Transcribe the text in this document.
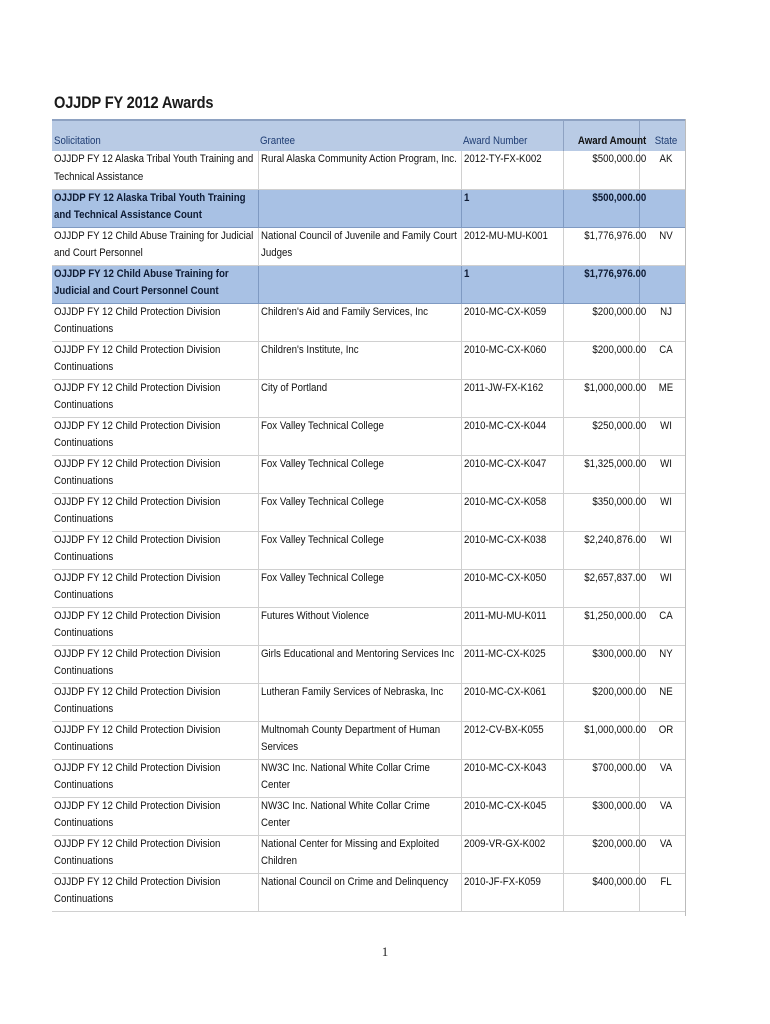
OJJDP FY 2012 Awards
Solicitation	Grantee	Award Number	Award Amount	State
OJJDP FY 12 Alaska Tribal Youth Training and Technical Assistance	Rural Alaska Community Action Program, Inc.	2012-TY-FX-K002	$500,000.00	AK
OJJDP FY 12 Alaska Tribal Youth Training and Technical Assistance Count		1	$500,000.00	
OJJDP FY 12 Child Abuse Training for Judicial and Court Personnel	National Council of Juvenile and Family Court Judges	2012-MU-MU-K001	$1,776,976.00	NV
OJJDP FY 12 Child Abuse Training for Judicial and Court Personnel Count		1	$1,776,976.00	
OJJDP FY 12 Child Protection Division Continuations	Children's Aid and Family Services, Inc	2010-MC-CX-K059	$200,000.00	NJ
OJJDP FY 12 Child Protection Division Continuations	Children's Institute, Inc	2010-MC-CX-K060	$200,000.00	CA
OJJDP FY 12 Child Protection Division Continuations	City of Portland	2011-JW-FX-K162	$1,000,000.00	ME
OJJDP FY 12 Child Protection Division Continuations	Fox Valley Technical College	2010-MC-CX-K044	$250,000.00	WI
OJJDP FY 12 Child Protection Division Continuations	Fox Valley Technical College	2010-MC-CX-K047	$1,325,000.00	WI
OJJDP FY 12 Child Protection Division Continuations	Fox Valley Technical College	2010-MC-CX-K058	$350,000.00	WI
OJJDP FY 12 Child Protection Division Continuations	Fox Valley Technical College	2010-MC-CX-K038	$2,240,876.00	WI
OJJDP FY 12 Child Protection Division Continuations	Fox Valley Technical College	2010-MC-CX-K050	$2,657,837.00	WI
OJJDP FY 12 Child Protection Division Continuations	Futures Without Violence	2011-MU-MU-K011	$1,250,000.00	CA
OJJDP FY 12 Child Protection Division Continuations	Girls Educational and Mentoring Services Inc	2011-MC-CX-K025	$300,000.00	NY
OJJDP FY 12 Child Protection Division Continuations	Lutheran Family Services of Nebraska, Inc	2010-MC-CX-K061	$200,000.00	NE
OJJDP FY 12 Child Protection Division Continuations	Multnomah County Department of Human Services	2012-CV-BX-K055	$1,000,000.00	OR
OJJDP FY 12 Child Protection Division Continuations	NW3C Inc. National White Collar Crime Center	2010-MC-CX-K043	$700,000.00	VA
OJJDP FY 12 Child Protection Division Continuations	NW3C Inc. National White Collar Crime Center	2010-MC-CX-K045	$300,000.00	VA
OJJDP FY 12 Child Protection Division Continuations	National Center for Missing and Exploited Children	2009-VR-GX-K002	$200,000.00	VA
OJJDP FY 12 Child Protection Division Continuations	National Council on Crime and Delinquency	2010-JF-FX-K059	$400,000.00	FL
1
